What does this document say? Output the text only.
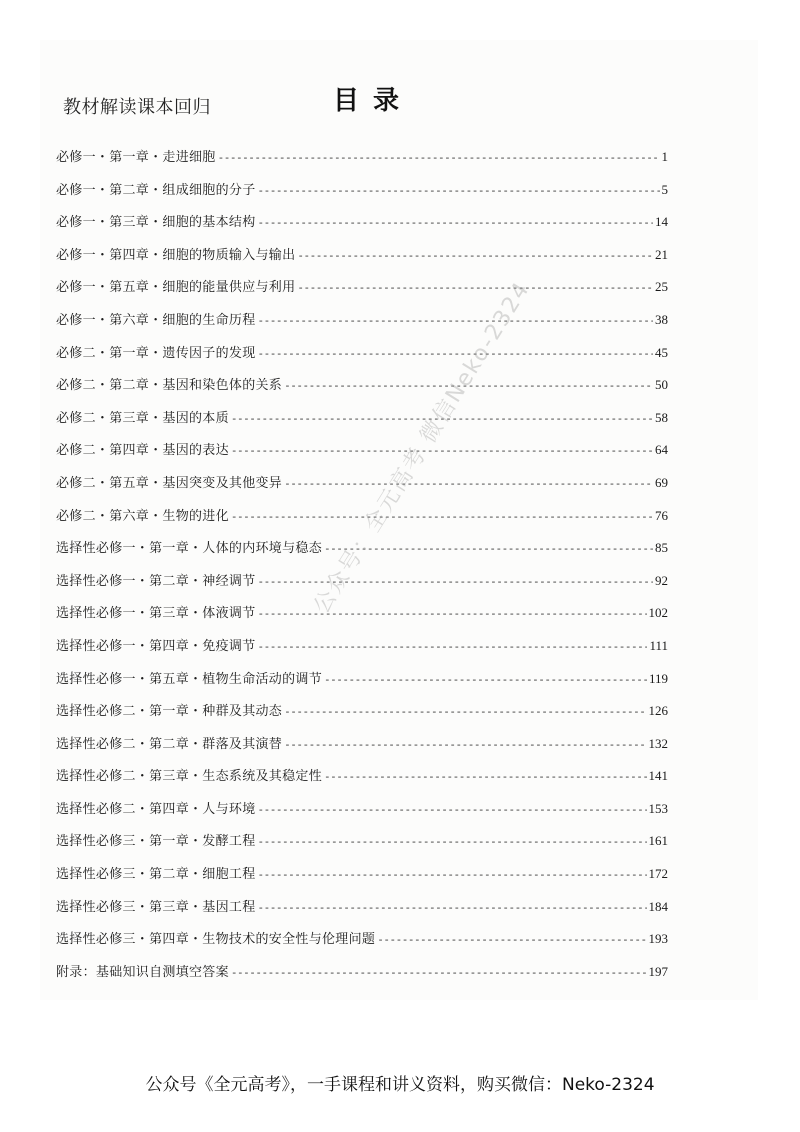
教材解读课本回归	目录
必修一・第一章・走进细胞 -----	1
必修一・第二章・组成细胞的分子 -----	5
必修一・第三章・细胞的基本结构 -----	14
必修一・第四章・细胞的物质输入与输出 -----	21
必修一・第五章・细胞的能量供应与利用 -----	25
必修一・第六章・细胞的生命历程 -----	38
必修二・第一章・遗传因子的发现 -----	45
必修二・第二章・基因和染色体的关系 -----	50
必修二・第三章・基因的本质 -----	58
必修二・第四章・基因的表达 -----	64
必修二・第五章・基因突变及其他变异 -----	69
必修二・第六章・生物的进化 -----	76
选择性必修一・第一章・人体的内环境与稳态 -----	85
选择性必修一・第二章・神经调节 -----	92
选择性必修一・第三章・体液调节 -----	102
选择性必修一・第四章・免疫调节 -----	111
选择性必修一・第五章・植物生命活动的调节 -----	119
选择性必修二・第一章・种群及其动态 -----	126
选择性必修二・第二章・群落及其演替 -----	132
选择性必修二・第三章・生态系统及其稳定性 -----	141
选择性必修二・第四章・人与环境 -----	153
选择性必修三・第一章・发酵工程 -----	161
选择性必修三・第二章・细胞工程 -----	172
选择性必修三・第三章・基因工程 -----	184
选择性必修三・第四章・生物技术的安全性与伦理问题 -----	193
附录：基础知识自测填空答案 -----	197
公众号：全元高考 微信Neko-2324
公众号《全元高考》，一手课程和讲义资料，购买微信：Neko-2324
